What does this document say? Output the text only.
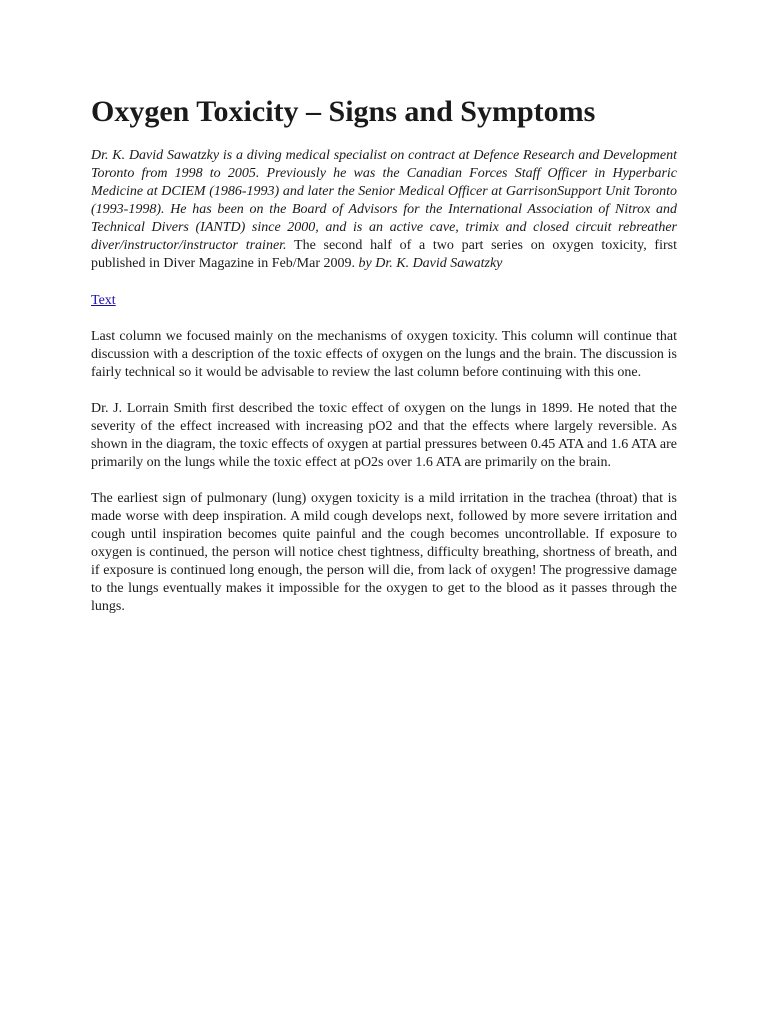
Oxygen Toxicity – Signs and Symptoms

Dr. K. David Sawatzky is a diving medical specialist on contract at Defence Research and Development Toronto from 1998 to 2005. Previously he was the Canadian Forces Staff Officer in Hyperbaric Medicine at DCIEM (1986-1993) and later the Senior Medical Officer at GarrisonSupport Unit Toronto (1993-1998). He has been on the Board of Advisors for the International Association of Nitrox and Technical Divers (IANTD) since 2000, and is an active cave, trimix and closed circuit rebreather diver/instructor/instructor trainer. The second half of a two part series on oxygen toxicity, first published in Diver Magazine in Feb/Mar 2009. by Dr. K. David Sawatzky

Text

Last column we focused mainly on the mechanisms of oxygen toxicity. This column will continue that discussion with a description of the toxic effects of oxygen on the lungs and the brain. The discussion is fairly technical so it would be advisable to review the last column before continuing with this one.

Dr. J. Lorrain Smith first described the toxic effect of oxygen on the lungs in 1899. He noted that the severity of the effect increased with increasing pO2 and that the effects where largely reversible. As shown in the diagram, the toxic effects of oxygen at partial pressures between 0.45 ATA and 1.6 ATA are primarily on the lungs while the toxic effect at pO2s over 1.6 ATA are primarily on the brain.

The earliest sign of pulmonary (lung) oxygen toxicity is a mild irritation in the trachea (throat) that is made worse with deep inspiration. A mild cough develops next, followed by more severe irritation and cough until inspiration becomes quite painful and the cough becomes uncontrollable. If exposure to oxygen is continued, the person will notice chest tightness, difficulty breathing, shortness of breath, and if exposure is continued long enough, the person will die, from lack of oxygen! The progressive damage to the lungs eventually makes it impossible for the oxygen to get to the blood as it passes through the lungs.
